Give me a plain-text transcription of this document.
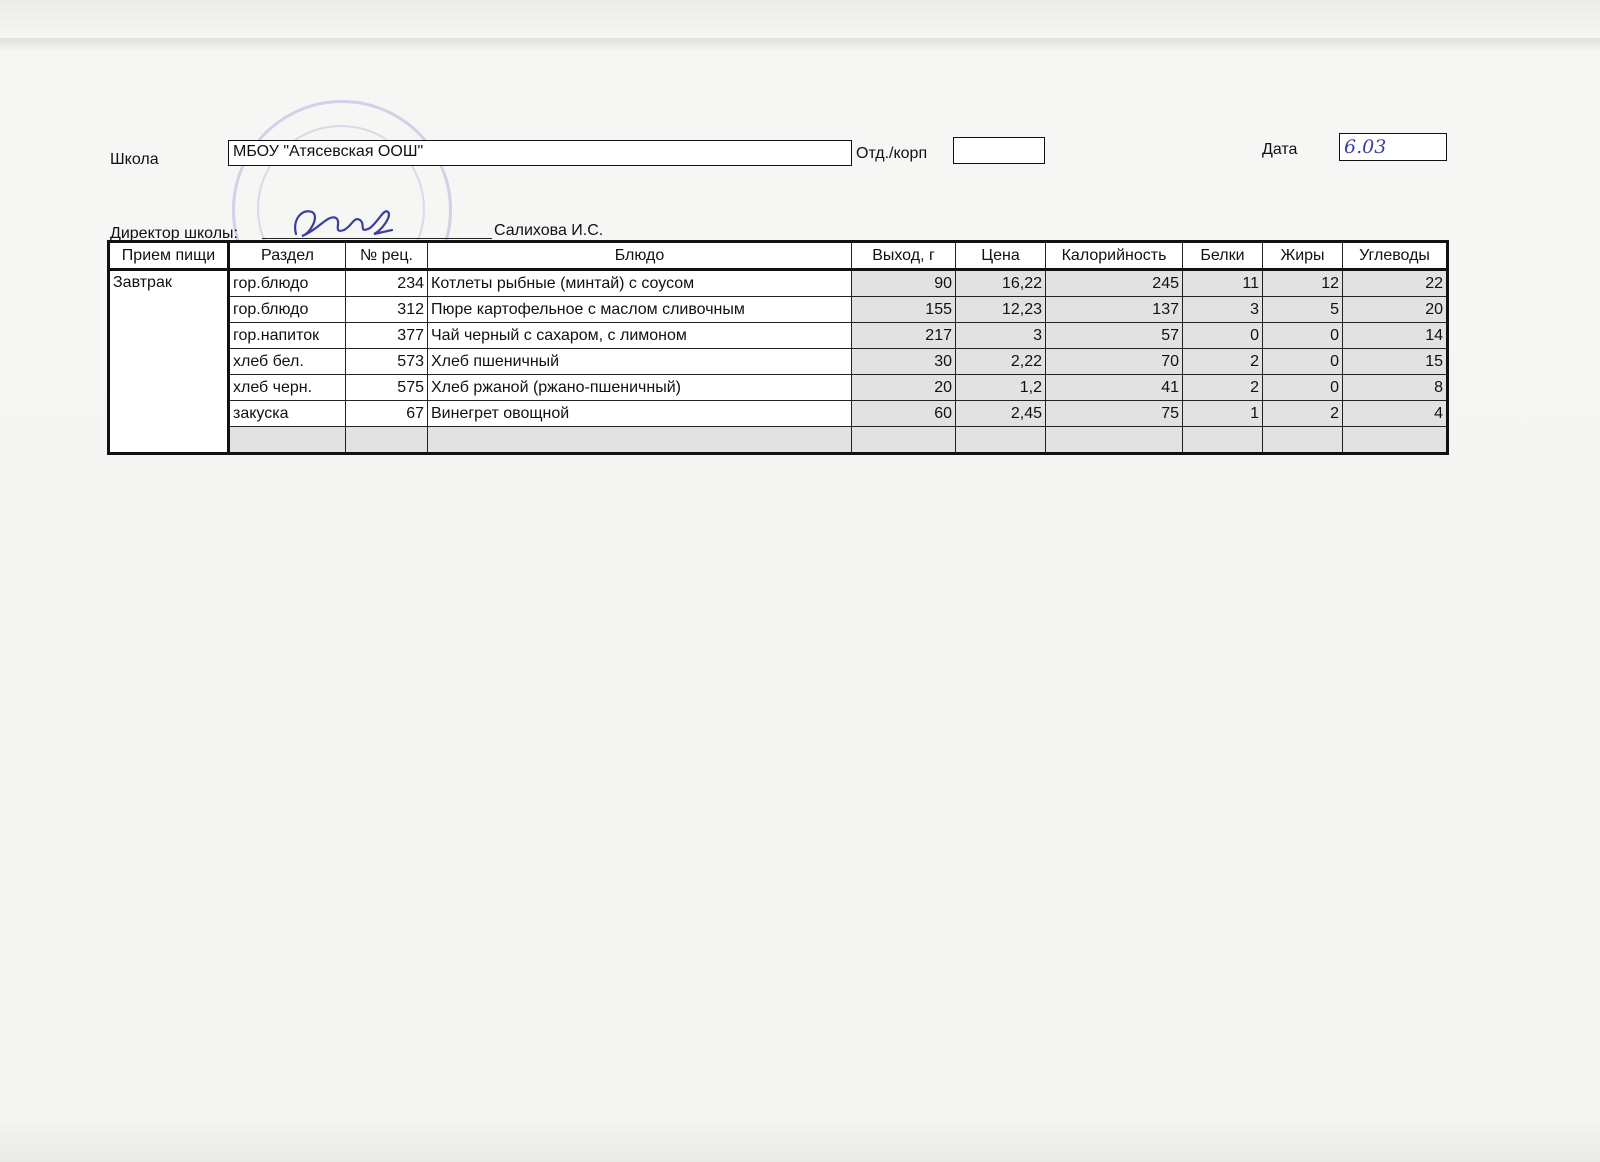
Школа	МБОУ "Атясевская ООШ"	Отд./корп	Дата 6.03
Директор школы:	Салихова И.С.
Прием пищи	Раздел	№ рец.	Блюдо	Выход, г	Цена	Калорийность	Белки	Жиры	Углеводы
Завтрак	гор.блюдо	234	Котлеты рыбные (минтай) с соусом	90	16,22	245	11	12	22
	гор.блюдо	312	Пюре картофельное с маслом сливочным	155	12,23	137	3	5	20
	гор.напиток	377	Чай черный с сахаром, с лимоном	217	3	57	0	0	14
	хлеб бел.	573	Хлеб пшеничный	30	2,22	70	2	0	15
	хлеб черн.	575	Хлеб ржаной (ржано-пшеничный)	20	1,2	41	2	0	8
	закуска	67	Винегрет овощной	60	2,45	75	1	2	4
